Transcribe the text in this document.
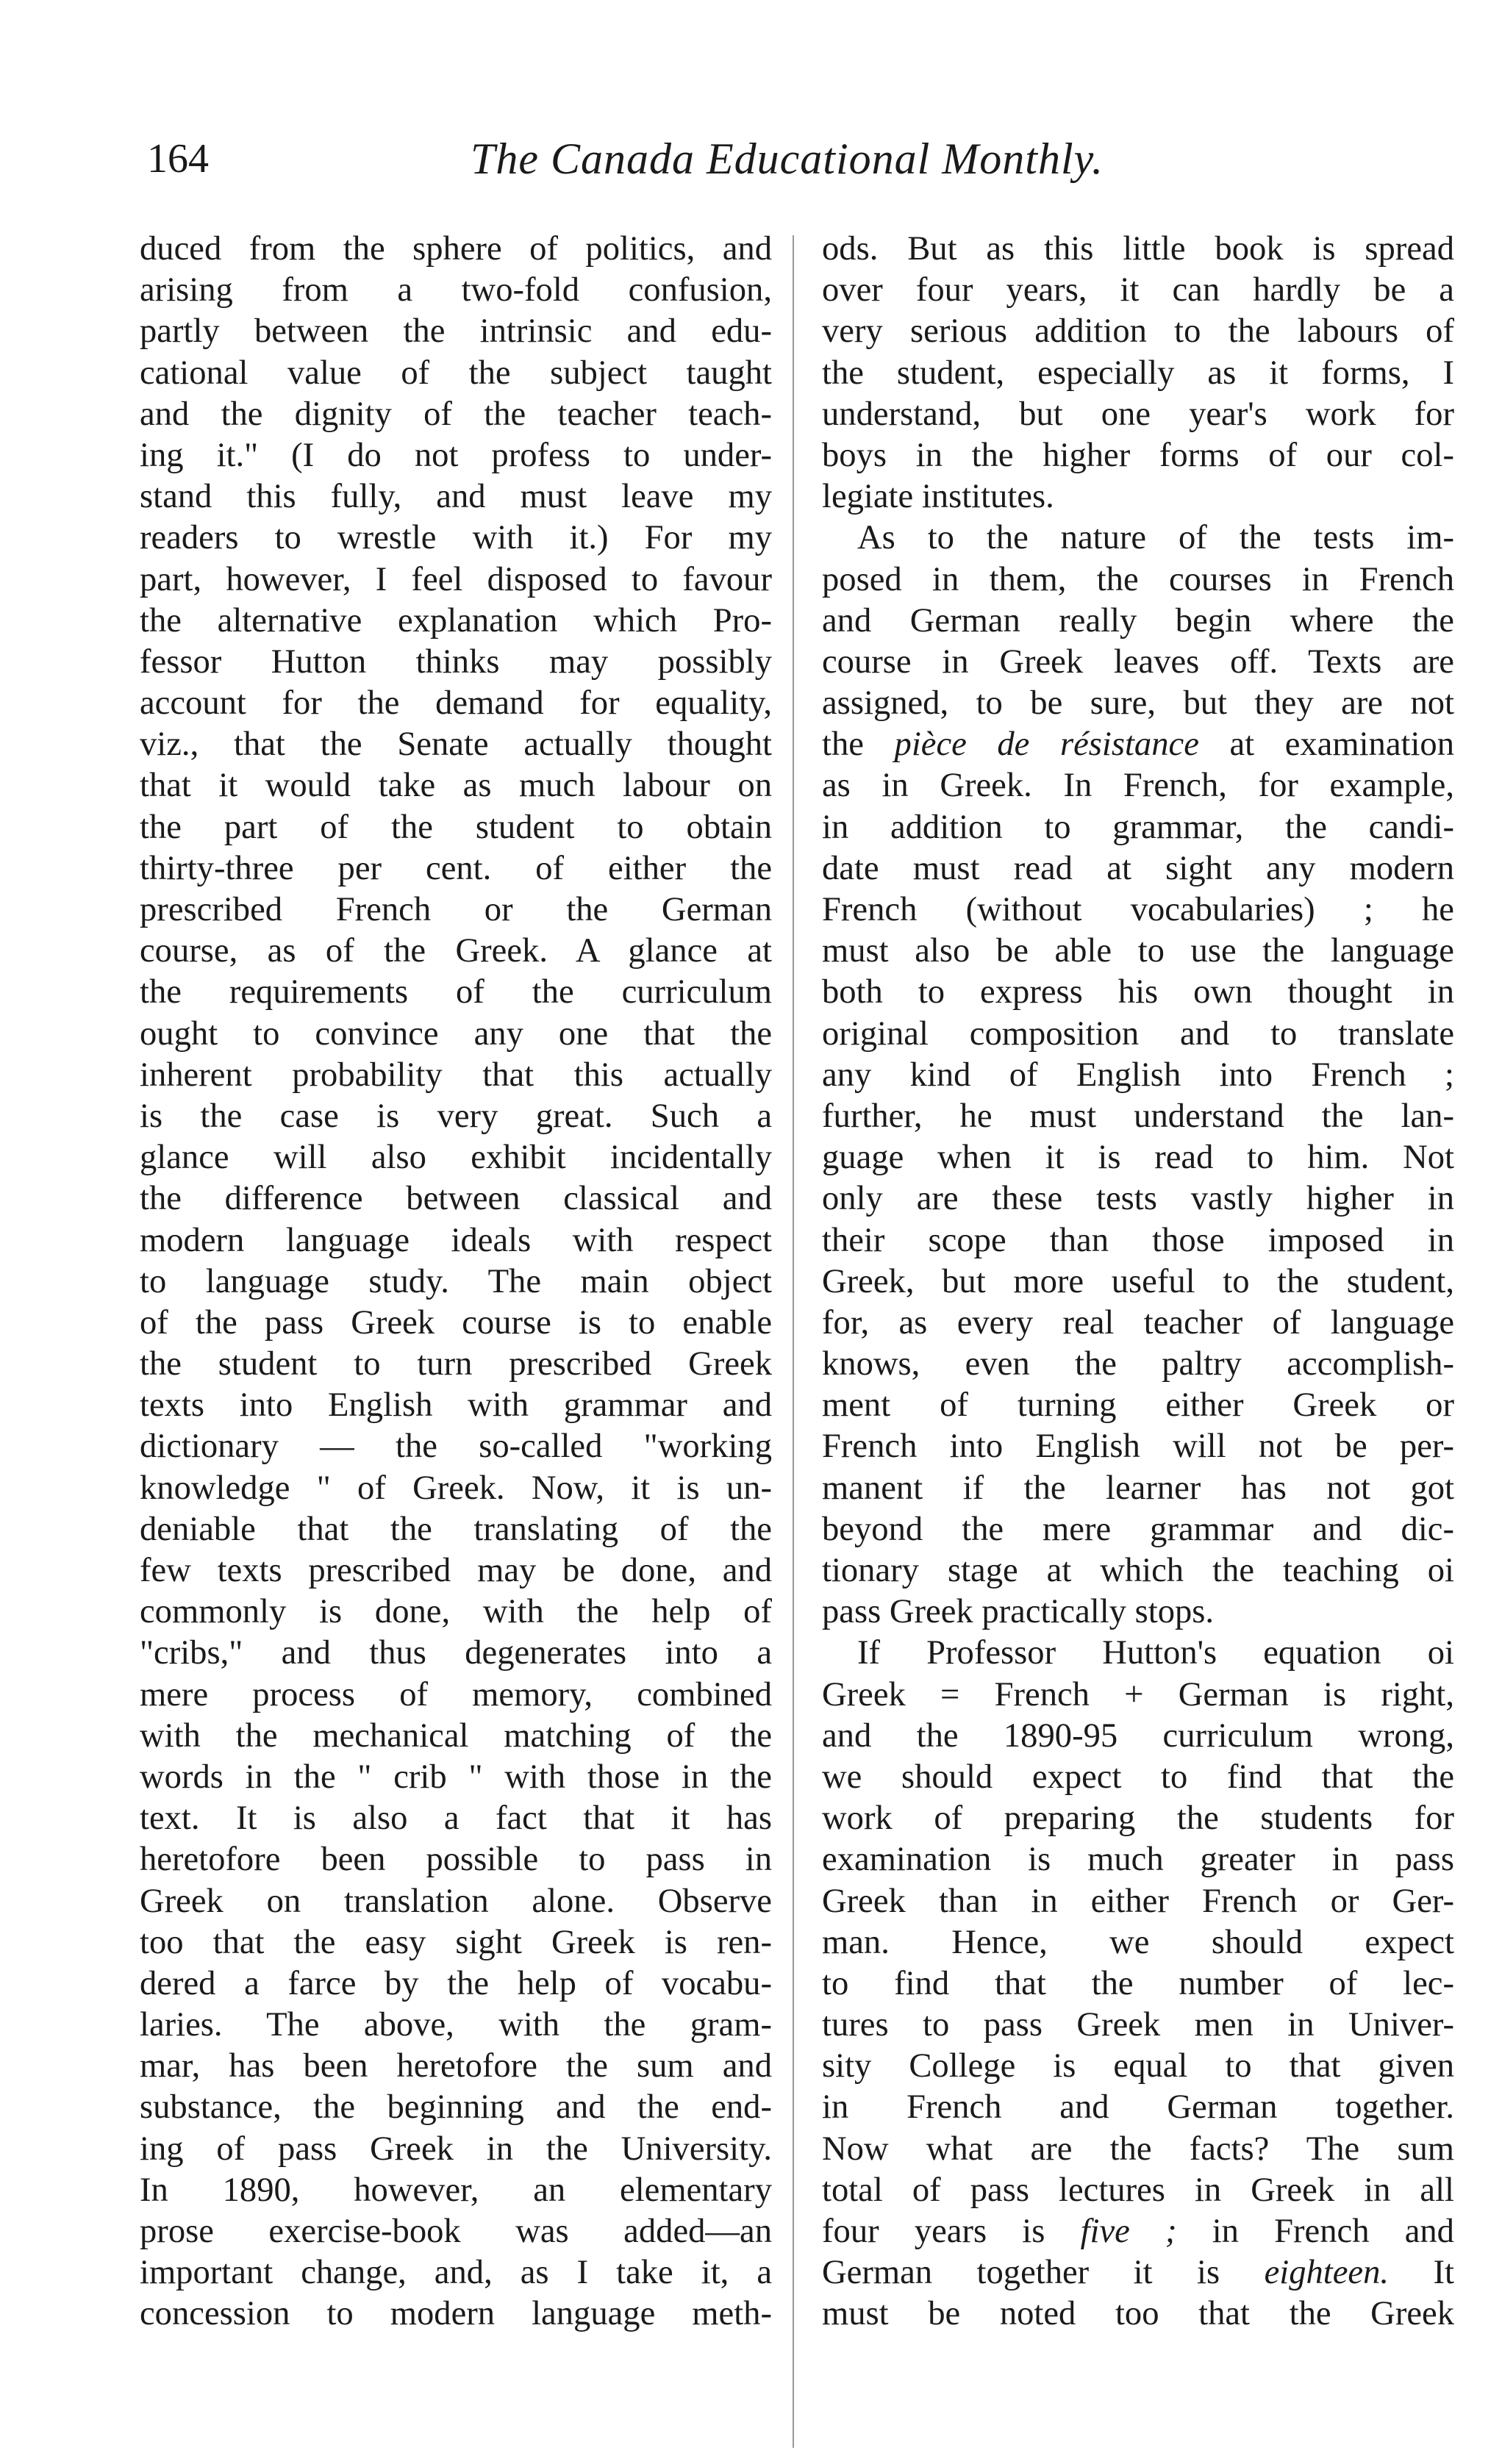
164	The Canada Educational Monthly.
duced from the sphere of politics, and
arising from a two-fold confusion,
partly between the intrinsic and edu-
cational value of the subject taught
and the dignity of the teacher teach-
ing it." (I do not profess to under-
stand this fully, and must leave my
readers to wrestle with it.) For my
part, however, I feel disposed to favour
the alternative explanation which Pro-
fessor Hutton thinks may possibly
account for the demand for equality,
viz., that the Senate actually thought
that it would take as much labour on
the part of the student to obtain
thirty-three per cent. of either the
prescribed French or the German
course, as of the Greek. A glance at
the requirements of the curriculum
ought to convince any one that the
inherent probability that this actually
is the case is very great. Such a
glance will also exhibit incidentally
the difference between classical and
modern language ideals with respect
to language study. The main object
of the pass Greek course is to enable
the student to turn prescribed Greek
texts into English with grammar and
dictionary — the so-called "working
knowledge " of Greek. Now, it is un-
deniable that the translating of the
few texts prescribed may be done, and
commonly is done, with the help of
"cribs," and thus degenerates into a
mere process of memory, combined
with the mechanical matching of the
words in the " crib " with those in the
text. It is also a fact that it has
heretofore been possible to pass in
Greek on translation alone. Observe
too that the easy sight Greek is ren-
dered a farce by the help of vocabu-
laries. The above, with the gram-
mar, has been heretofore the sum and
substance, the beginning and the end-
ing of pass Greek in the University.
In 1890, however, an elementary
prose exercise-book was added—an
important change, and, as I take it, a
concession to modern language meth-
ods. But as this little book is spread
over four years, it can hardly be a
very serious addition to the labours of
the student, especially as it forms, I
understand, but one year's work for
boys in the higher forms of our col-
legiate institutes.
As to the nature of the tests im-
posed in them, the courses in French
and German really begin where the
course in Greek leaves off. Texts are
assigned, to be sure, but they are not
the pièce de résistance at examination
as in Greek. In French, for example,
in addition to grammar, the candi-
date must read at sight any modern
French (without vocabularies) ; he
must also be able to use the language
both to express his own thought in
original composition and to translate
any kind of English into French ;
further, he must understand the lan-
guage when it is read to him. Not
only are these tests vastly higher in
their scope than those imposed in
Greek, but more useful to the student,
for, as every real teacher of language
knows, even the paltry accomplish-
ment of turning either Greek or
French into English will not be per-
manent if the learner has not got
beyond the mere grammar and dic-
tionary stage at which the teaching oi
pass Greek practically stops.
If Professor Hutton's equation oi
Greek = French + German is right,
and the 1890-95 curriculum wrong,
we should expect to find that the
work of preparing the students for
examination is much greater in pass
Greek than in either French or Ger-
man. Hence, we should expect
to find that the number of lec-
tures to pass Greek men in Univer-
sity College is equal to that given
in French and German together.
Now what are the facts? The sum
total of pass lectures in Greek in all
four years is five ; in French and
German together it is eighteen. It
must be noted too that the Greek
